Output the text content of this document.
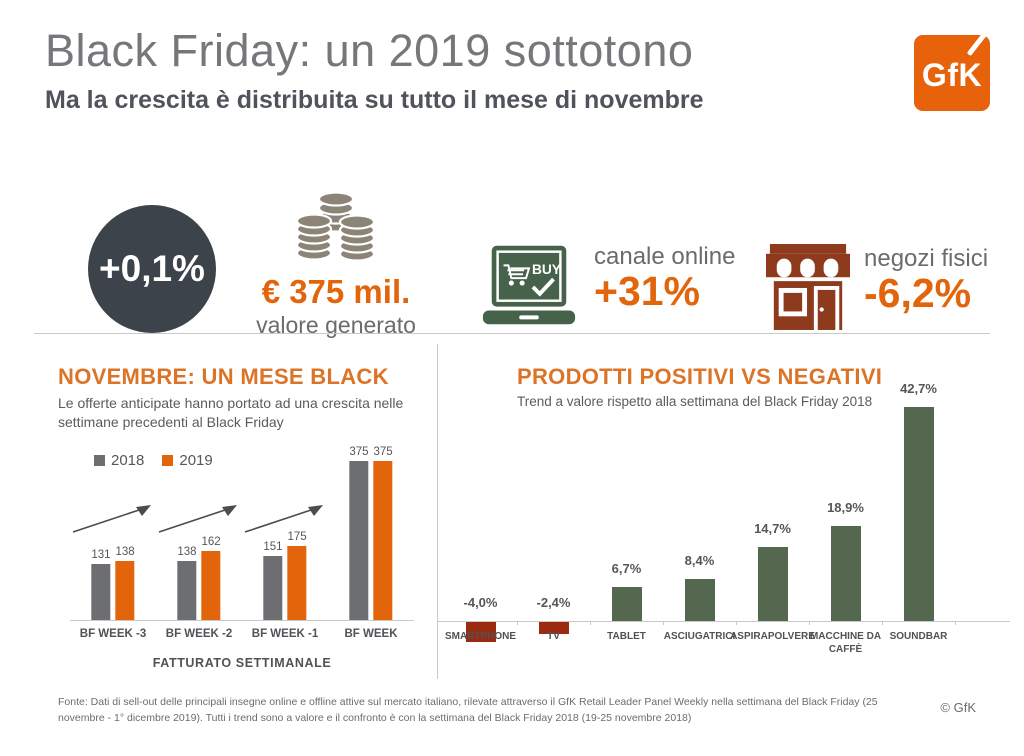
Black Friday: un 2019 sottotono
Ma la crescita è distribuita su tutto il mese di novembre
GfK
+0,1%
€ 375 mil.
valore generato
BUY canale online
+31%
negozi fisici
-6,2%
NOVEMBRE: UN MESE BLACK
Le offerte anticipate hanno portato ad una crescita nelle settimane precedenti al Black Friday
2018 2019
131 138	138
162	151
175
375 375
BF WEEK -3	BF WEEK -2	BF WEEK -1	BF WEEK
FATTURATO SETTIMANALE
PRODOTTI POSITIVI VS NEGATIVI
Trend a valore rispetto alla settimana del Black Friday 2018
-4,0%
SMARTPHONE
-2,4%
TV
6,7%
TABLET
8,4%
ASCIUGATRICI
14,7%
ASPIRAPOLVERE
18,9%
MACCHINE DA CAFFÈ
42,7%
SOUNDBAR
Fonte: Dati di sell-out delle principali insegne online e offline attive sul mercato italiano, rilevate attraverso il GfK Retail Leader Panel Weekly nella settimana del Black Friday (25 novembre - 1° dicembre 2019). Tutti i trend sono a valore e il confronto è con la settimana del Black Friday 2018 (19-25 novembre 2018)
© GfK
